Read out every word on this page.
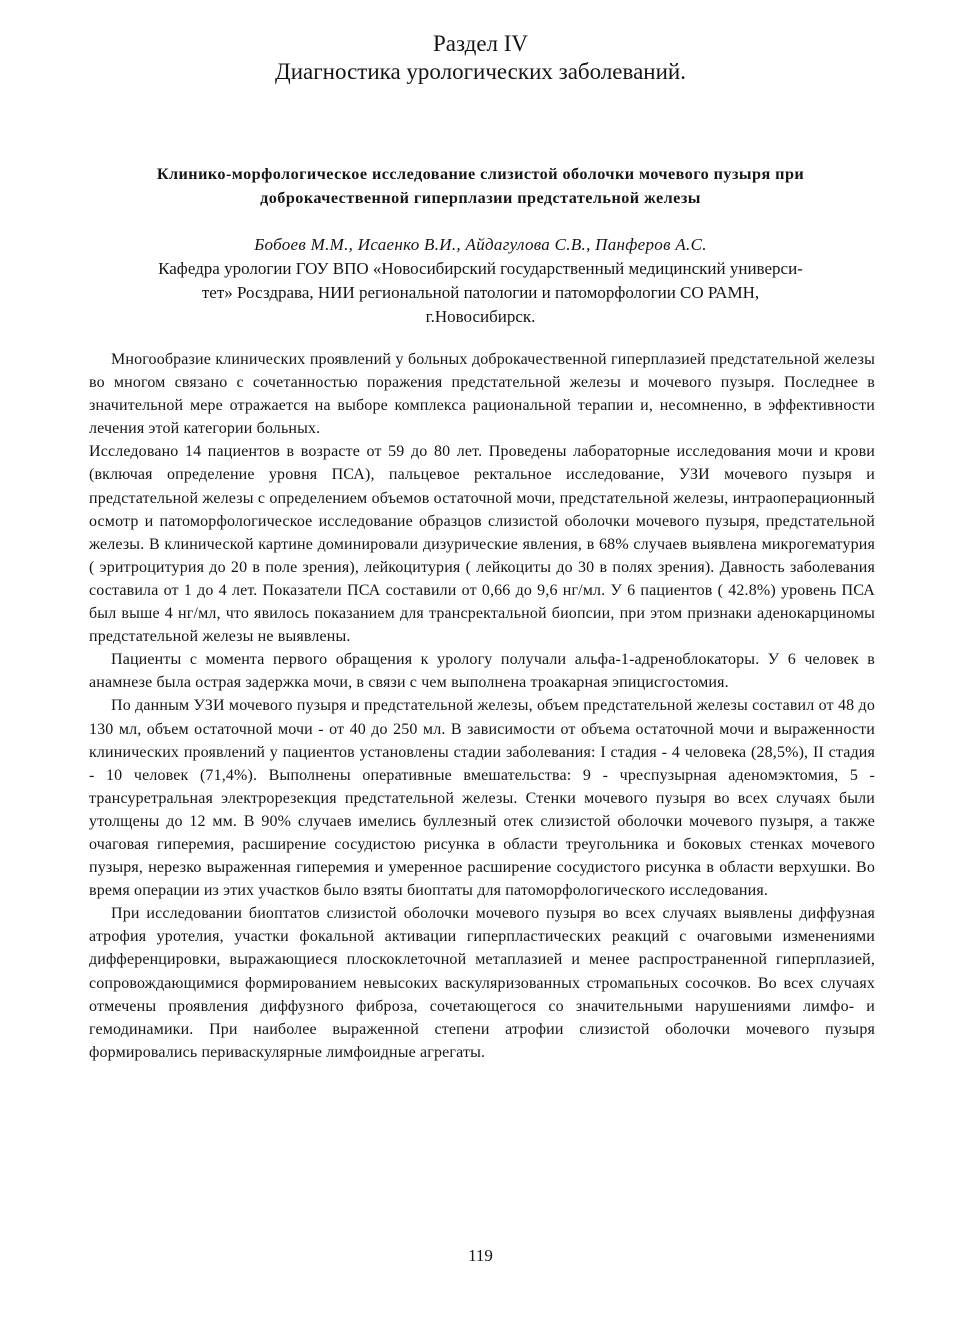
Раздел IV
Диагностика урологических заболеваний.
Клинико-морфологическое исследование слизистой оболочки мочевого пузыря при доброкачественной гиперплазии предстательной железы
Бобоев М.М., Исаенко В.И., Айдагулова С.В., Панферов А.С.
Кафедра урологии ГОУ ВПО «Новосибирский государственный медицинский универси-
тет» Росздрава, НИИ региональной патологии и патоморфологии СО РАМН,
г.Новосибирск.

Многообразие клинических проявлений у больных доброкачественной гиперплазией предстательной железы во многом связано с сочетанностью поражения предстательной железы и мочевого пузыря. Последнее в значительной мере отражается на выборе комплекса рациональной терапии и, несомненно, в эффективности лечения этой категории больных.

Исследовано 14 пациентов в возрасте от 59 до 80 лет. Проведены лабораторные исследования мочи и крови (включая определение уровня ПСА), пальцевое ректальное исследование, УЗИ мочевого пузыря и предстательной железы с определением объемов остаточной мочи, предстательной железы, интраоперационный осмотр и патоморфологическое исследование образцов слизистой оболочки мочевого пузыря, предстательной железы. В клинической картине доминировали дизурические явления, в 68% случаев выявлена микрогематурия ( эритроцитурия до 20 в поле зрения), лейкоцитурия ( лейкоциты до 30 в полях зрения). Давность заболевания составила от 1 до 4 лет. Показатели ПСА составили от 0,66 до 9,6 нг/мл. У 6 пациентов ( 42.8%) уровень ПСА был выше 4 нг/мл, что явилось показанием для трансректальной биопсии, при этом признаки аденокарциномы предстательной железы не выявлены.

Пациенты с момента первого обращения к урологу получали альфа-1-адреноблокаторы. У 6 человек в анамнезе была острая задержка мочи, в связи с чем выполнена троакарная эпицисгостомия.

По данным УЗИ мочевого пузыря и предстательной железы, объем предстательной железы составил от 48 до 130 мл, объем остаточной мочи - от 40 до 250 мл. В зависимости от объема остаточной мочи и выраженности клинических проявлений у пациентов установлены стадии заболевания: I стадия - 4 человека (28,5%), II стадия - 10 человек (71,4%). Выполнены оперативные вмешательства: 9 - чреспузырная аденомэктомия, 5 - трансуретральная электрорезекция предстательной железы. Стенки мочевого пузыря во всех случаях были утолщены до 12 мм. В 90% случаев имелись буллезный отек слизистой оболочки мочевого пузыря, а также очаговая гиперемия, расширение сосудистою рисунка в области треугольника и боковых стенках мочевого пузыря, нерезко выраженная гиперемия и умеренное расширение сосудистого рисунка в области верхушки. Во время операции из этих участков было взяты биоптаты для патоморфологического исследования.

При исследовании биоптатов слизистой оболочки мочевого пузыря во всех случаях выявлены диффузная атрофия уротелия, участки фокальной активации гиперпластических реакций с очаговыми изменениями дифференцировки, выражающиеся плоскоклеточной метаплазией и менее распространенной гиперплазией, сопровождающимися формированием невысоких васкуляризованных стромапьных сосочков. Во всех случаях отмечены проявления диффузного фиброза, сочетающегося со значительными нарушениями лимфо- и гемодинамики. При наиболее выраженной степени атрофии слизистой оболочки мочевого пузыря формировались периваскулярные лимфоидные агрегаты.

119
